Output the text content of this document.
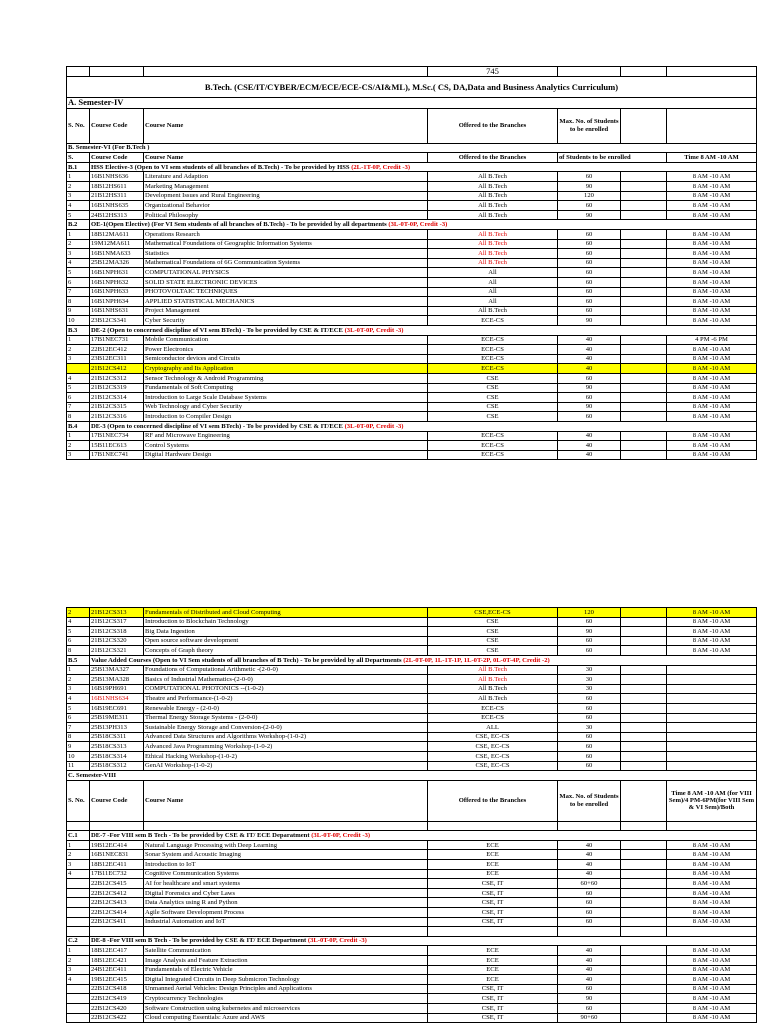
			745			
B.Tech. (CSE/IT/CYBER/ECM/ECE/ECE-CS/AI&ML), M.Sc.( CS, DA,Data and Business Analytics Curriculum)						
A. Semester-IV						
S. No.	Course Code	Course Name	Offered to the Branches	Max. No. of Students to be enrolled		
B. Semester-VI (For B.Tech )						
S.	Course Code	Course Name	Offered to the Branches	of Students to be enrolled		Time 8 AM -10 AM
B.1	HSS Elective-3 (Open to VI sem students of all branches of B.Tech) - To be provided by HSS (2L-1T-0P, Credit -3)					
1	16B1NHS636	Literature and Adaption	All B.Tech	60		8 AM -10 AM
2	18B12HS611	Marketing Management	All B.Tech	90		8 AM -10 AM
3	21B12HS311	Development Issues and Rural Engineering	All B.Tech	120		8 AM -10 AM
4	16B1NHS635	Organizational Behavior	All B.Tech	60		8 AM -10 AM
5	24B12HS313	Political Philosophy	All B.Tech	90		8 AM -10 AM
B.2	OE-1(Open Elective) (For VI Sem students of all branches of B.Tech) - To be provided by all departments (3L-0T-0P, Credit -3)					
1	18B12MA611	Operations Research	All B.Tech	60		8 AM -10 AM
2	19M12MA611	Mathematical Foundations of Geographic Information Systems	All B.Tech	60		8 AM -10 AM
3	16B1NMA633	Statistics	All B.Tech	60		8 AM -10 AM
4	25B12MA326	Mathematical Foundations of 6G Communication Systems	All B.Tech	60		8 AM -10 AM
5	16B1NPH631	COMPUTATIONAL PHYSICS	All	60		8 AM -10 AM
6	16B1NPH632	SOLID STATE ELECTRONIC DEVICES	All	60		8 AM -10 AM
7	16B1NPH633	PHOTOVOLTAIC TECHNIQUES	All	60		8 AM -10 AM
8	16B1NPH634	APPLIED STATISTICAL MECHANICS	All	60		8 AM -10 AM
9	16B1NHS631	Project Management	All B.Tech	60		8 AM -10 AM
10	23B12CS341	Cyber Security	ECE-CS	90		8 AM -10 AM
B.3	DE-2 (Open to concerned discipline of VI sem BTech) - To be provided by CSE & IT/ECE (3L-0T-0P, Credit -3)					
1	17B1NEC731	Mobile Communication	ECE-CS	40		4 PM -6 PM
2	22B12EC412	Power Electronics	ECE-CS	40		8 AM -10 AM
3	23B12EC311	Semiconductor devices and Circuits	ECE-CS	40		8 AM -10 AM
	21B12CS412	Cryptography and Its Application	ECE-CS	40		8 AM -10 AM
4	21B12CS312	Sensor Technology & Android Programming	CSE	60		8 AM -10 AM
5	21B12CS319	Fundamentals of Soft Computing	CSE	90		8 AM -10 AM
6	21B12CS314	Introduction to Large Scale Database Systems	CSE	60		8 AM -10 AM
7	21B12CS315	Web Technology and Cyber Security	CSE	90		8 AM -10 AM
8	21B12CS316	Introduction to Compiler Design	CSE	60		8 AM -10 AM
B.4	DE-3 (Open to concerned discipline of VI sem BTech) - To be provided by CSE & IT/ECE (3L-0T-0P, Credit -3)					
1	17B1NEC734	RF and Microwave Engineering	ECE-CS	40		8 AM -10 AM
2	15B11EC613	Control Systems	ECE-CS	40		8 AM -10 AM
3	17B1NEC741	Digital Hardware Design	ECE-CS	40		8 AM -10 AM
2	21B12CS313	Fundamentals of Distributed and Cloud Computing	CSE,ECE-CS	120		8 AM -10 AM
4	21B12CS317	Introduction to Blockchain Technology	CSE	60		8 AM -10 AM
5	21B12CS318	Big Data Ingestion	CSE	90		8 AM -10 AM
6	21B12CS320	Open source software development	CSE	60		8 AM -10 AM
8	21B12CS321	Concepts of Graph theory	CSE	60		8 AM -10 AM
B.5	Value Added Courses (Open to VI Sem students of all branches of B Tech) - To be provided by all Departments (2L-0T-0P, 1L-1T-1P, 1L-0T-2P, 0L-0T-4P, Credit -2)					
1	25B13MA327	Foundations of Computational Arithmetic -(2-0-0)	All B.Tech	30		
2	25B13MA328	Basics of Industrial Mathematics-(2-0-0)	All B.Tech	30		
3	16B19PH691	COMPUTATIONAL PHOTONICS --(1-0-2)	All B.Tech	30		
4	16B1NHS634	Theatre and Performance-(1-0-2)	All B.Tech	60		
5	16B19EC691	Renewable Energy - (2-0-0)	ECE-CS	60		
6	25B19ME311	Thermal Energy Storage Systems - (2-0-0)	ECE-CS	60		
7	25B13PH313	Sustainable Energy Storage and Conversion-(2-0-0)	ALL	30		
8	25B18CS311	Advanced Data Structures and Algorithms Workshop-(1-0-2)	CSE, EC-CS	60		
9	25B18CS313	Advanced Java Programming Workshop-(1-0-2)	CSE, EC-CS	60		
10	25B18CS314	Ethical Hacking Workshop-(1-0-2)	CSE, EC-CS	60		
11	25B18CS312	GenAI Workshop-(1-0-2)	CSE, EC-CS	60		
C. Semester-VIII						
S. No.	Course Code	Course Name	Offered to the Branches	Max. No. of Students to be enrolled		Time 8 AM -10 AM (for VIII Sem)/4 PM-6PM(for VIII Sem & VI Sem)/Both

C.1	DE-7 -For VIII sem B Tech - To be provided by CSE & IT/ ECE Deparatment (3L-0T-0P, Credit -3)					
1	19B12EC414	Natural Language Processing with Deep Learning	ECE	40		8 AM -10 AM
2	16B1NEC831	Sonar System and Acoustic Imaging	ECE	40		8 AM -10 AM
3	18B12EC411	Introduction to IoT	ECE	40		8 AM -10 AM
4	17B11EC732	Cognitive Communication Systems	ECE	40		8 AM -10 AM
	22B12CS415	AI for healthcare and smart systems	CSE, IT	60+60		8 AM -10 AM
	22B12CS412	Digital Forensics and Cyber Laws	CSE, IT	60		8 AM -10 AM
	22B12CS413	Data Analytics using R and Python	CSE, IT	60		8 AM -10 AM
	22B12CS414	Agile Software Development Process	CSE, IT	60		8 AM -10 AM
	22B12CS411	Industrial Automation and IoT	CSE, IT	60		8 AM -10 AM

C.2	DE-8 -For VIII sem B Tech - To be provided by CSE & IT/ ECE Department (3L-0T-0P, Credit -3)					
1	18B12EC417	Satellite Communication	ECE	40		8 AM -10 AM
2	18B12EC421	Image Analysis and Feature Extraction	ECE	40		8 AM -10 AM
3	24B12EC411	Fundamentals of Electric Vehicle	ECE	40		8 AM -10 AM
4	19B12EC415	Digital Integrated Circuits in Deep Submicron Technology	ECE	40		8 AM -10 AM
	22B12CS418	Unmanned Aerial Vehicles: Design Principles and Applications	CSE, IT	60		8 AM -10 AM
	22B12CS419	Cryptocurrency Technologies	CSE, IT	90		8 AM -10 AM
	22B12CS420	Software Construction using kubernetes and microservices	CSE, IT	60		8 AM -10 AM
	22B12CS422	Cloud computing Essentials: Azure and AWS	CSE, IT	90+60		8 AM -10 AM
